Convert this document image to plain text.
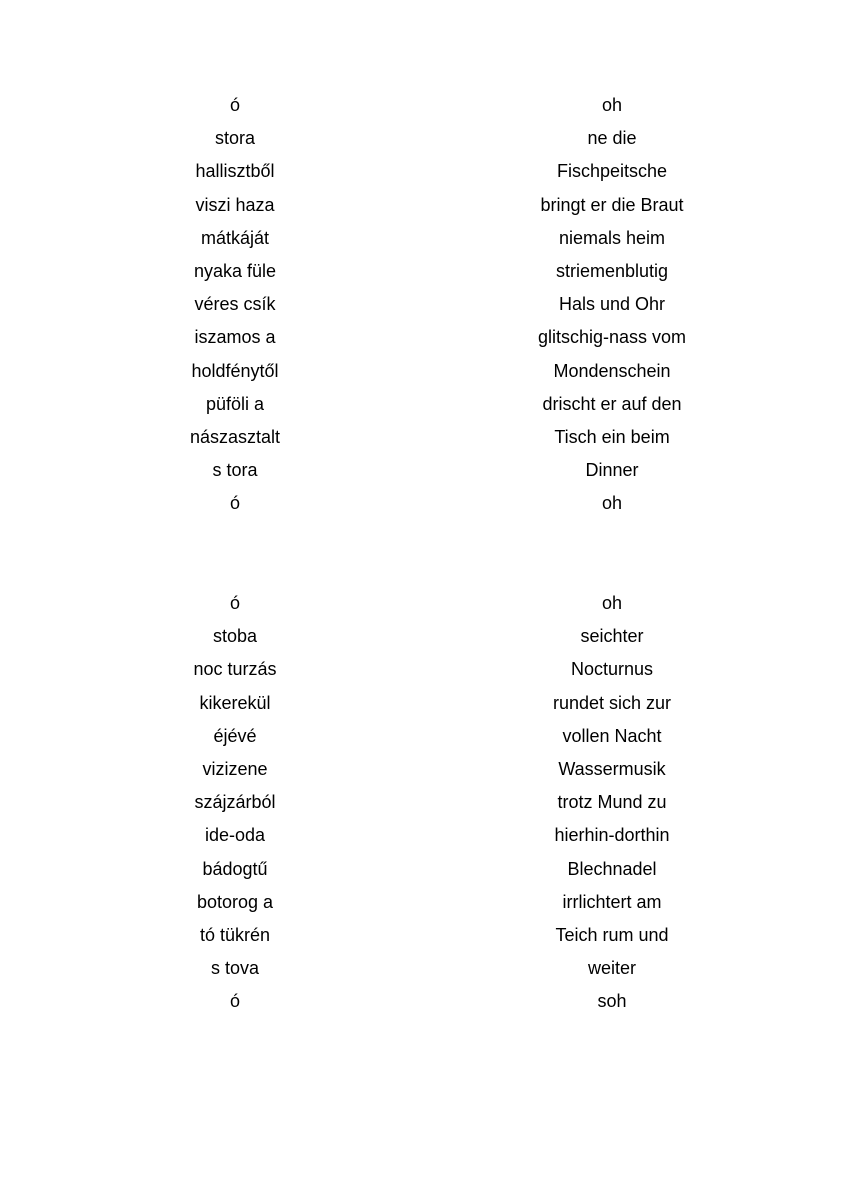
ó
stora
hallisztből
viszi haza
mátkáját
nyaka füle
véres csík
iszamos a
holdfénytől
püföli a
nászasztalt
s tora
ó
oh
ne die
Fischpeitsche
bringt er die Braut
niemals heim
striemenblutig
Hals und Ohr
glitschig-nass vom
Mondenschein
drischt er auf den
Tisch ein beim
Dinner
oh
ó
stoba
noc turzás
kikerekül
éjévé
vizizene
szájzárból
ide-oda
bádogtű
botorog a
tó tükrén
s tova
ó
oh
seichter
Nocturnus
rundet sich zur
vollen Nacht
Wassermusik
trotz Mund zu
hierhin-dorthin
Blechnadel
irrlichtert am
Teich rum und
weiter
soh
